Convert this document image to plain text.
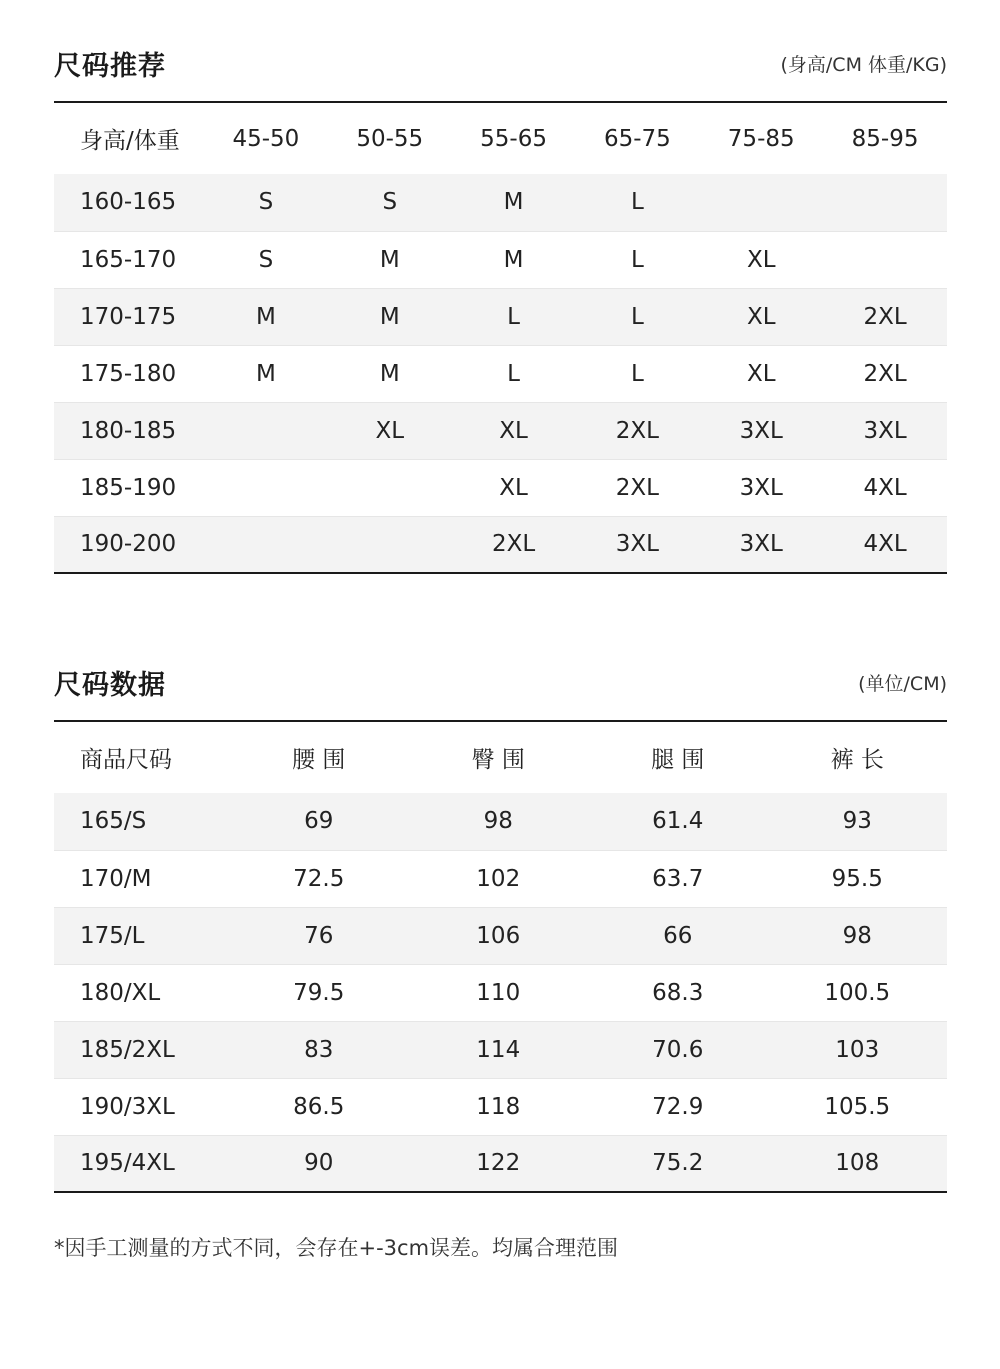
尺码推荐	(身高/CM 体重/KG)
身高/体重	45-50	50-55	55-65	65-75	75-85	85-95
160-165	S	S	M	L		
165-170	S	M	M	L	XL	
170-175	M	M	L	L	XL	2XL
175-180	M	M	L	L	XL	2XL
180-185		XL	XL	2XL	3XL	3XL
185-190			XL	2XL	3XL	4XL
190-200			2XL	3XL	3XL	4XL
尺码数据	(单位/CM)
商品尺码	腰 围	臀 围	腿 围	裤 长
165/S	69	98	61.4	93
170/M	72.5	102	63.7	95.5
175/L	76	106	66	98
180/XL	79.5	110	68.3	100.5
185/2XL	83	114	70.6	103
190/3XL	86.5	118	72.9	105.5
195/4XL	90	122	75.2	108
*因手工测量的方式不同，会存在+-3cm误差。均属合理范围
